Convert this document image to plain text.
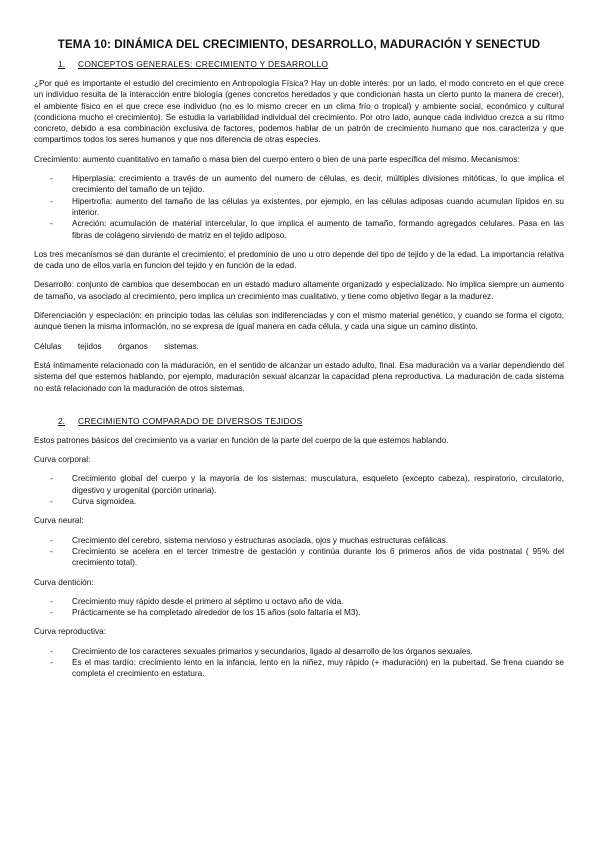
TEMA 10: DINÁMICA DEL CRECIMIENTO, DESARROLLO, MADURACIÓN Y SENECTUD
1. CONCEPTOS GENERALES: CRECIMIENTO Y DESARROLLO

¿Por qué es importante el estudio del crecimiento en Antropología Física? Hay un doble interés: por un lado, el modo concreto en el que crece un individuo resulta de la interacción entre biología (genes concretos heredados y que condicionan hasta un cierto punto la manera de crecer), el ambiente físico en el que crece ese individuo (no es lo mismo crecer en un clima frío o tropical) y ambiente social, económico y cultural (condiciona mucho el crecimiento). Se estudia la variabilidad individual del crecimiento. Por otro lado, aunque cada individuo crezca a su ritmo concreto, debido a esa combinación exclusiva de factores, podemos hablar de un patrón de crecimiento humano que nos caracteriza y que compartimos todos los seres humanos y que nos diferencia de otras especies.

Crecimiento: aumento cuantitativo en tamaño o masa bien del cuerpo entero o bien de una parte específica del mismo. Mecanismos:

- Hiperplasia: crecimiento a través de un aumento del numero de células, es decir, múltiples divisiones mitóticas, lo que implica el crecimiento del tamaño de un tejido.
- Hipertrofia: aumento del tamaño de las células ya existentes, por ejemplo, en las células adiposas cuando acumulan lípidos en su interior.
- Acreción: acumulación de material intercelular, lo que implica el aumento de tamaño, formando agregados celulares. Pasa en las fibras de colágeno sirviendo de matriz en el tejido adiposo.

Los tres mecanismos se dan durante el crecimiento; el predominio de uno u otro depende del tipo de tejido y de la edad. La importancia relativa de cada uno de ellos varía en funcion del tejido y en función de la edad.

Desarrollo: conjunto de cambios que desembocan en un estado maduro altamente organizado y especializado. No implica siempre un aumento de tamaño, va asociado al crecimiento, pero implica un crecimiento mas cualitativo, y tiene como objetivo llegar a la madurez.

Diferenciación y especiación: en principio todas las células son indiferenciadas y con el mismo material genético, y cuando se forma el cigoto, aunque tienen la misma información, no se expresa de igual manera en cada célula, y cada una sigue un camino distinto.

Células tejidos órganos sistemas.

Está íntimamente relacionado con la maduración, en el sentido de alcanzar un estado adulto, final. Esa maduración va a variar dependiendo del sistema del que estemos hablando, por ejemplo, maduración sexual alcanzar la capacidad plena reproductiva. La maduración de cada sistema no está relacionado con la maduración de otros sistemas.

2. CRECIMIENTO COMPARADO DE DIVERSOS TEJIDOS

Estos patrones básicos del crecimiento va a variar en función de la parte del cuerpo de la que estemos hablando.

Curva corporal:

- Crecimiento global del cuerpo y la mayoría de los sistemas: musculatura, esqueleto (excepto cabeza), respiratorio, circulatorio, digestivo y urogenital (porción urinaria).
- Curva sigmoidea.

Curva neural:

- Crecimiento del cerebro, sistema nervioso y estructuras asociada, ojos y muchas estructuras cefálicas.
- Crecimiento se acelera en el tercer trimestre de gestación y continúa durante los 6 primeros años de vida postnatal ( 95% del crecimiento total).

Curva dentición:

- Crecimiento muy rápido desde el primero al séptimo u octavo año de vida.
- Prácticamente se ha completado alrededor de los 15 años (solo faltaría el M3).

Curva reproductiva:

- Crecimiento de los caracteres sexuales primarios y secundarios, ligado al desarrollo de los órganos sexuales.
- Es el mas tardío: crecimiento lento en la infancia, lento en la niñez, muy rápido (+ maduración) en la pubertad. Se frena cuando se completa el crecimiento en estatura.
